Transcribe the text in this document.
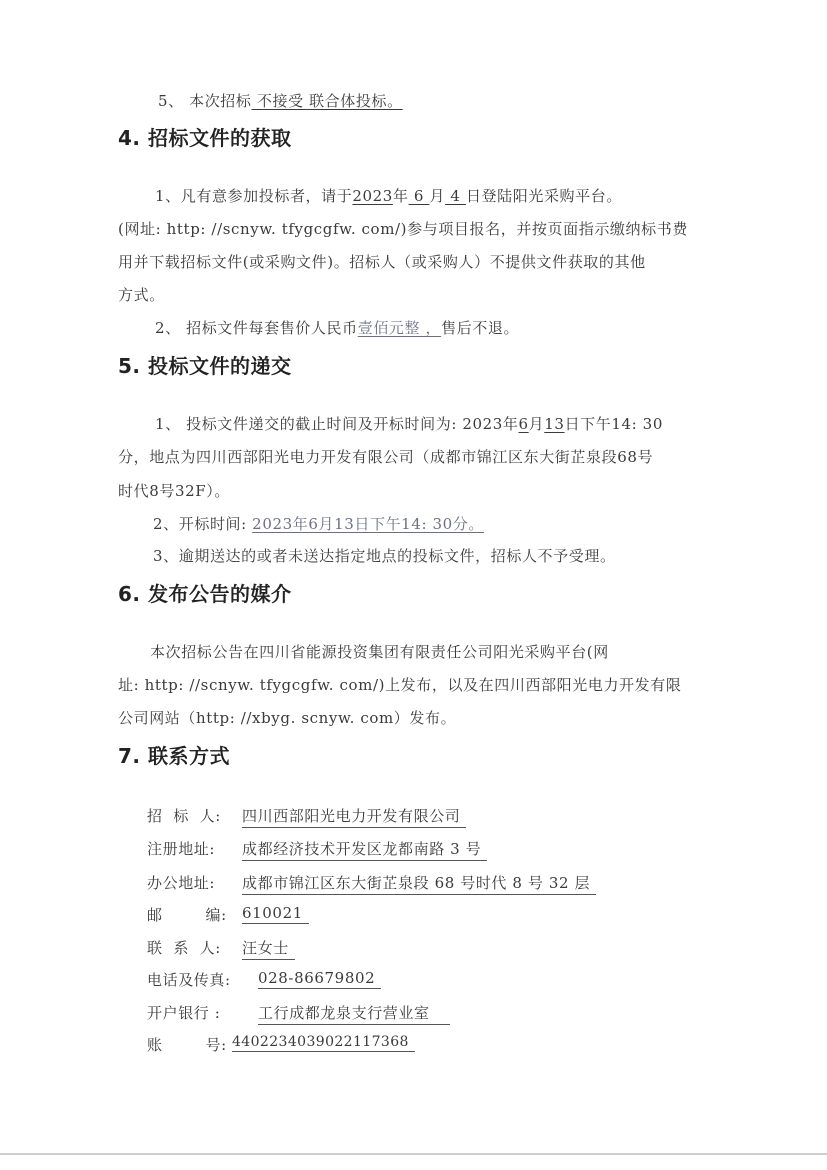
5、 本次招标 不接受 联合体投标。
4. 招标文件的获取
1、凡有意参加投标者，请于2023年 6 月 4 日登陆阳光采购平台。
(网址: http: //scnyw. tfygcgfw. com/)参与项目报名，并按页面指示缴纳标书费
用并下载招标文件(或采购文件)。招标人（或采购人）不提供文件获取的其他
方式。
2、 招标文件每套售价人民币壹佰元整 ，售后不退。
5. 投标文件的递交
1、 投标文件递交的截止时间及开标时间为: 2023年6月13日下午14: 30
分，地点为四川西部阳光电力开发有限公司（成都市锦江区东大街芷泉段68号
时代8号32F）。
2、开标时间: 2023年6月13日下午14: 30分。
3、逾期送达的或者未送达指定地点的投标文件，招标人不予受理。
6. 发布公告的媒介
本次招标公告在四川省能源投资集团有限责任公司阳光采购平台(网
址: http: //scnyw. tfygcgfw. com/)上发布，以及在四川西部阳光电力开发有限
公司网站（http: //xbyg. scnyw. com）发布。
7. 联系方式
招  标  人: 四川西部阳光电力开发有限公司
注册地址: 成都经济技术开发区龙都南路 3 号
办公地址: 成都市锦江区东大街芷泉段 68 号时代 8 号 32 层
邮        编: 610021
联  系  人: 汪女士
电话及传真: 028-86679802
开户银行 :	工行成都龙泉支行营业室
账        号: 4402234039022117368
